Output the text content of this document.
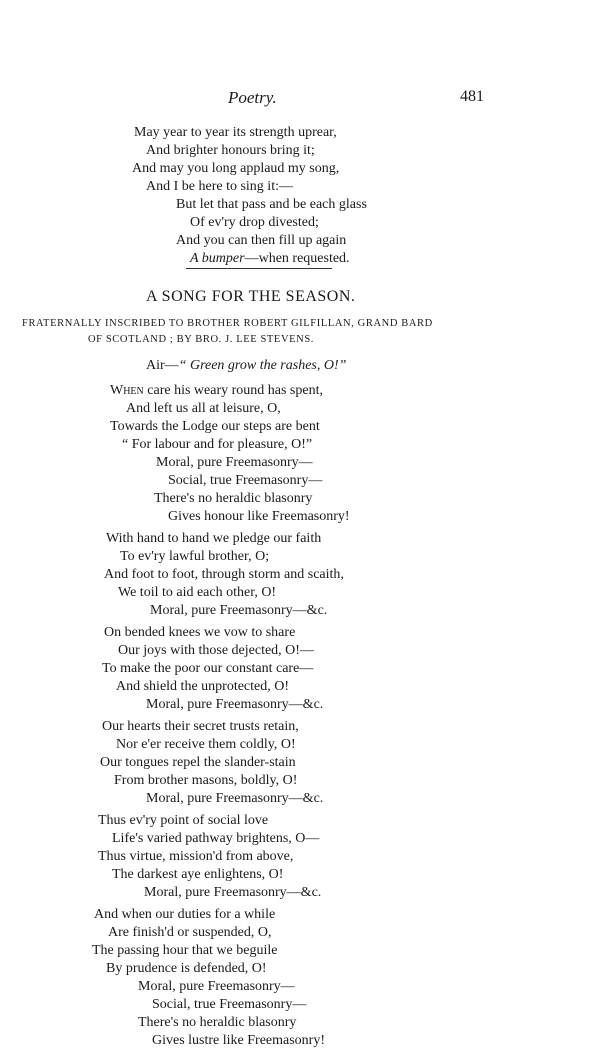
Poetry.	481
May year to year its strength uprear,
And brighter honours bring it;
And may you long applaud my song,
And I be here to sing it:—
But let that pass and be each glass
Of ev'ry drop divested;
And you can then fill up again
A bumper—when requested.
A SONG FOR THE SEASON.
FRATERNALLY INSCRIBED TO BROTHER ROBERT GILFILLAN, GRAND BARD
OF SCOTLAND ; BY BRO. J. LEE STEVENS.
Air—“ Green grow the rashes, O!”
When care his weary round has spent,
And left us all at leisure, O,
Towards the Lodge our steps are bent
“ For labour and for pleasure, O!”
Moral, pure Freemasonry—
Social, true Freemasonry—
There's no heraldic blasonry
Gives honour like Freemasonry!
With hand to hand we pledge our faith
To ev'ry lawful brother, O;
And foot to foot, through storm and scaith,
We toil to aid each other, O!
Moral, pure Freemasonry—&c.
On bended knees we vow to share
Our joys with those dejected, O!—
To make the poor our constant care—
And shield the unprotected, O!
Moral, pure Freemasonry—&c.
Our hearts their secret trusts retain,
Nor e'er receive them coldly, O!
Our tongues repel the slander-stain
From brother masons, boldly, O!
Moral, pure Freemasonry—&c.
Thus ev'ry point of social love
Life's varied pathway brightens, O—
Thus virtue, mission'd from above,
The darkest aye enlightens, O!
Moral, pure Freemasonry—&c.
And when our duties for a while
Are finish'd or suspended, O,
The passing hour that we beguile
By prudence is defended, O!
Moral, pure Freemasonry—
Social, true Freemasonry—
There's no heraldic blasonry
Gives lustre like Freemasonry!
